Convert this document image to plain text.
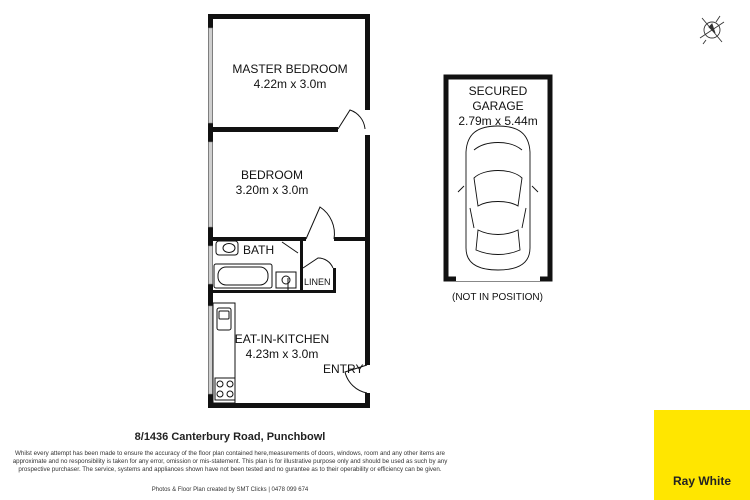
MASTER BEDROOM
4.22m x 3.0m
BEDROOM
3.20m x 3.0m
BATH
LINEN
EAT-IN-KITCHEN
4.23m x 3.0m
ENTRY
SECURED
GARAGE
2.79m x 5.44m
(NOT IN POSITION)
8/1436 Canterbury Road, Punchbowl
Whilst every attempt has been made to ensure the accuracy of the floor plan contained here,measurements of doors, windows, room and any other items are approximate and no responsibility is taken for any error, omission or mis-statement. This plan is for illustrative purpose only and should be used as such by any prospective purchaser. The service, systems and appliances shown have not been tested and no gurantee as to their operability or efficiency can be given.
Photos & Floor Plan created by SMT Clicks | 0478 099 674
Ray White
